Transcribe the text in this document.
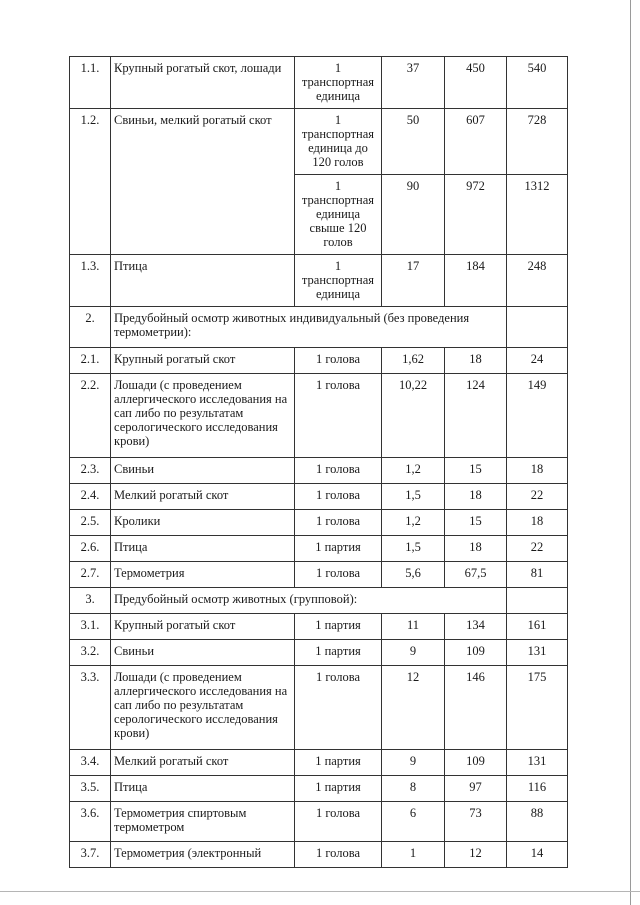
1.1.	Крупный рогатый скот, лошади	1 транспортная единица	37	450	540
1.2.	Свиньи, мелкий рогатый скот	1 транспортная единица до 120 голов	50	607	728
		1 транспортная единица свыше 120 голов	90	972	1312
1.3.	Птица	1 транспортная единица	17	184	248
2.	Предубойный осмотр животных индивидуальный (без проведения термометрии):				
2.1.	Крупный рогатый скот	1 голова	1,62	18	24
2.2.	Лошади (с проведением аллергического исследования на сап либо по результатам серологического исследования крови)	1 голова	10,22	124	149
2.3.	Свиньи	1 голова	1,2	15	18
2.4.	Мелкий рогатый скот	1 голова	1,5	18	22
2.5.	Кролики	1 голова	1,2	15	18
2.6.	Птица	1 партия	1,5	18	22
2.7.	Термометрия	1 голова	5,6	67,5	81
3.	Предубойный осмотр животных (групповой):				
3.1.	Крупный рогатый скот	1 партия	11	134	161
3.2.	Свиньи	1 партия	9	109	131
3.3.	Лошади (с проведением аллергического исследования на сап либо по результатам серологического исследования крови)	1 голова	12	146	175
3.4.	Мелкий рогатый скот	1 партия	9	109	131
3.5.	Птица	1 партия	8	97	116
3.6.	Термометрия спиртовым термометром	1 голова	6	73	88
3.7.	Термометрия (электронный	1 голова	1	12	14
